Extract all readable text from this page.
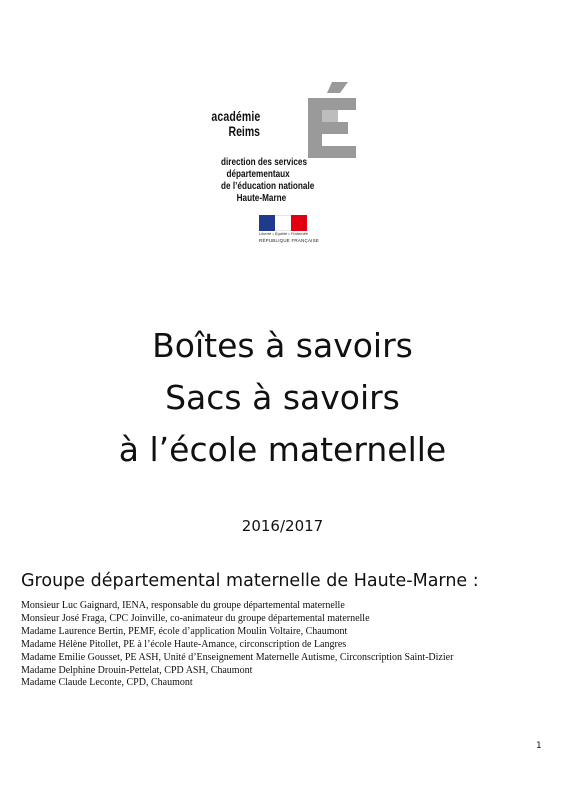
académie
Reims
direction des services
départementaux
de l’éducation nationale
Haute-Marne
Liberté • Égalité • Fraternité
RÉPUBLIQUE FRANÇAISE
Boîtes à savoirs
Sacs à savoirs
à l’école maternelle
2016/2017
Groupe départemental maternelle de Haute-Marne :
Monsieur Luc Gaignard, IENA, responsable du groupe départemental maternelle
Monsieur José Fraga, CPC Joinville, co-animateur du groupe départemental maternelle
Madame Laurence Bertin, PEMF, école d’application Moulin Voltaire, Chaumont
Madame Hélène Pitollet, PE à l’école Haute-Amance, circonscription de Langres
Madame Emilie Gousset, PE ASH, Unité d’Enseignement Maternelle Autisme, Circonscription Saint-Dizier
Madame Delphine Drouin-Pettelat, CPD ASH, Chaumont
Madame Claude Leconte, CPD, Chaumont
1
